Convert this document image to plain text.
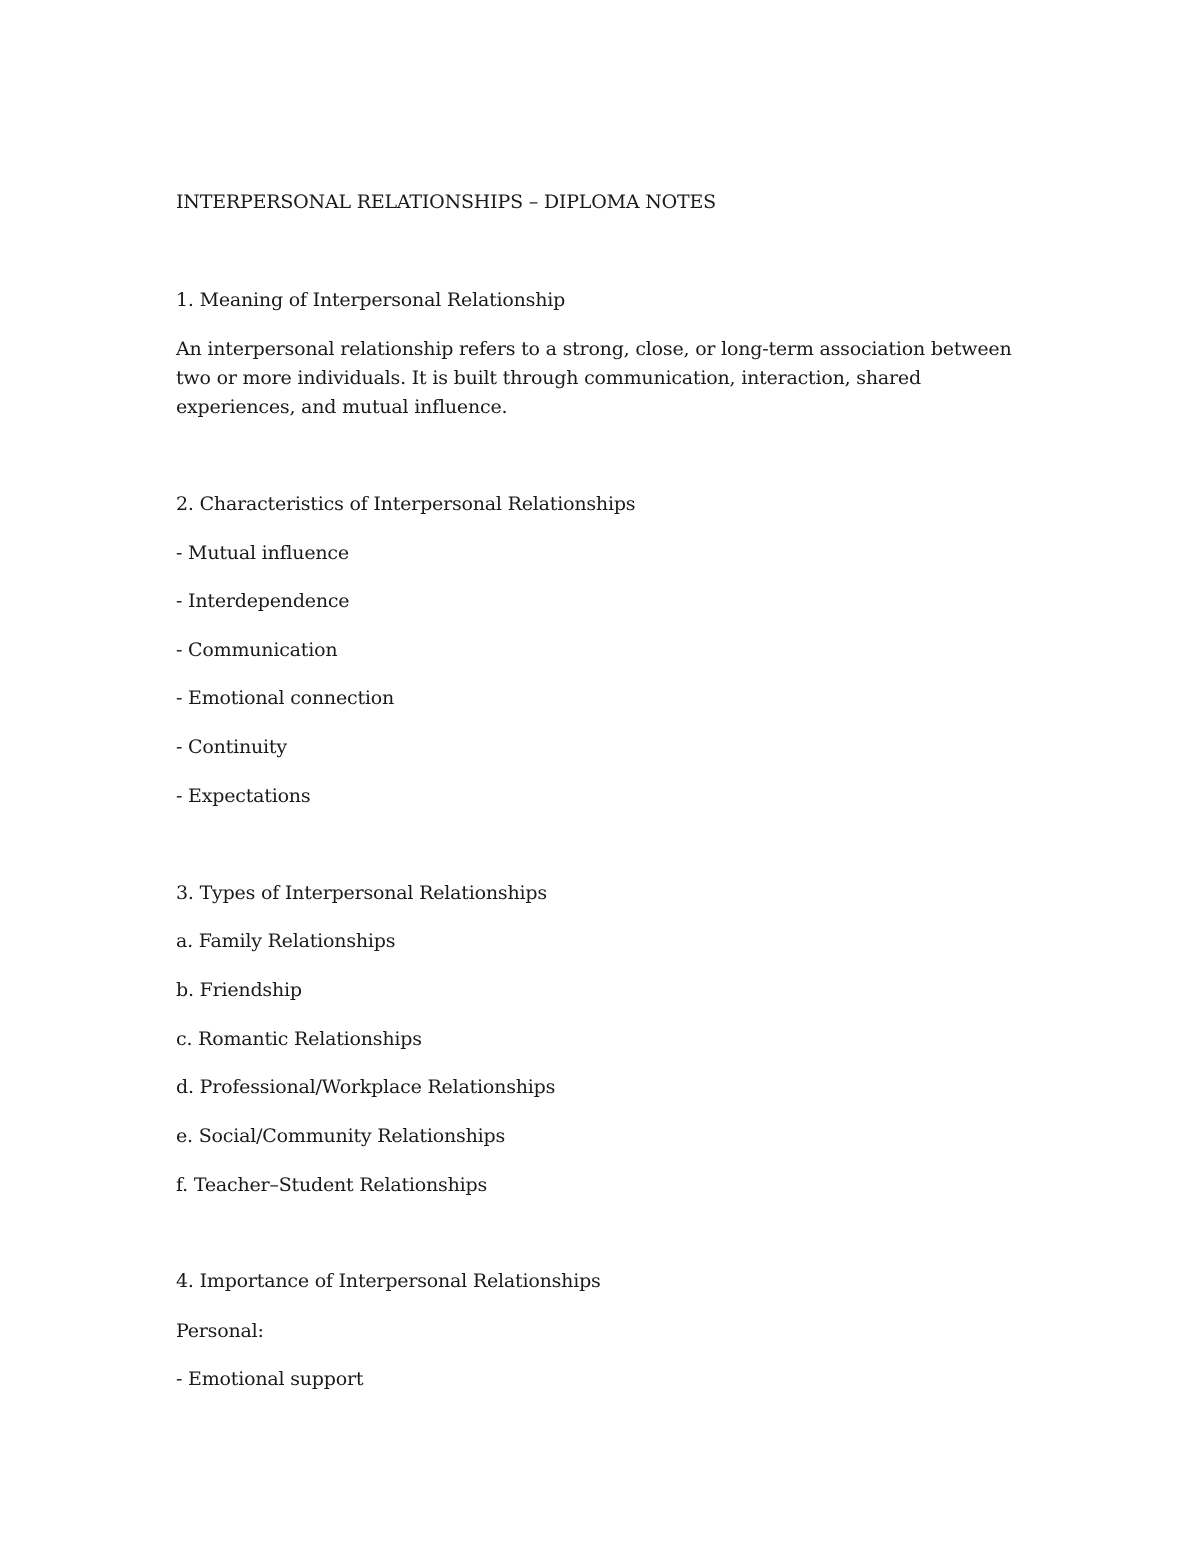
INTERPERSONAL RELATIONSHIPS – DIPLOMA NOTES
1. Meaning of Interpersonal Relationship
An interpersonal relationship refers to a strong, close, or long-term association between two or more individuals. It is built through communication, interaction, shared experiences, and mutual influence.
2. Characteristics of Interpersonal Relationships
- Mutual influence
- Interdependence
- Communication
- Emotional connection
- Continuity
- Expectations
3. Types of Interpersonal Relationships
a. Family Relationships
b. Friendship
c. Romantic Relationships
d. Professional/Workplace Relationships
e. Social/Community Relationships
f. Teacher–Student Relationships
4. Importance of Interpersonal Relationships
Personal:
- Emotional support
